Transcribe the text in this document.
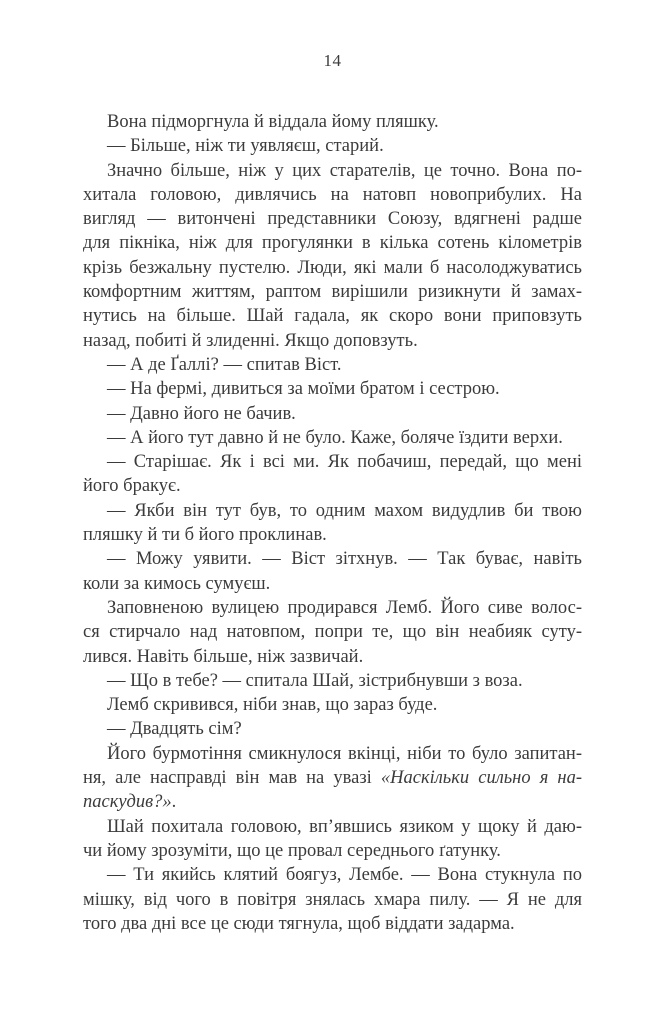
14
Вона підморгнула й віддала йому пляшку.
— Більше, ніж ти уявляєш, старий.
Значно більше, ніж у цих старателів, це точно. Вона по-
хитала головою, дивлячись на натовп новоприбулих. На
вигляд — витончені представники Союзу, вдягнені радше
для пікніка, ніж для прогулянки в кілька сотень кілометрів
крізь безжальну пустелю. Люди, які мали б насолоджуватись
комфортним життям, раптом вирішили ризикнути й замах-
нутись на більше. Шай гадала, як скоро вони приповзуть
назад, побиті й злиденні. Якщо доповзуть.
— А де Ґаллі? — спитав Віст.
— На фермі, дивиться за моїми братом і сестрою.
— Давно його не бачив.
— А його тут давно й не було. Каже, боляче їздити верхи.
— Старішає. Як і всі ми. Як побачиш, передай, що мені
його бракує.
— Якби він тут був, то одним махом видудлив би твою
пляшку й ти б його проклинав.
— Можу уявити. — Віст зітхнув. — Так буває, навіть
коли за кимось сумуєш.
Заповненою вулицею продирався Лемб. Його сиве волос-
ся стирчало над натовпом, попри те, що він неабияк суту-
лився. Навіть більше, ніж зазвичай.
— Що в тебе? — спитала Шай, зістрибнувши з воза.
Лемб скривився, ніби знав, що зараз буде.
— Двадцять сім?
Його бурмотіння смикнулося вкінці, ніби то було запитан-
ня, але насправді він мав на увазі «Наскільки сильно я на-
паскудив?».
Шай похитала головою, вп’явшись язиком у щоку й даю-
чи йому зрозуміти, що це провал середнього ґатунку.
— Ти якийсь клятий боягуз, Лембе. — Вона стукнула по
мішку, від чого в повітря знялась хмара пилу. — Я не для
того два дні все це сюди тягнула, щоб віддати задарма.
